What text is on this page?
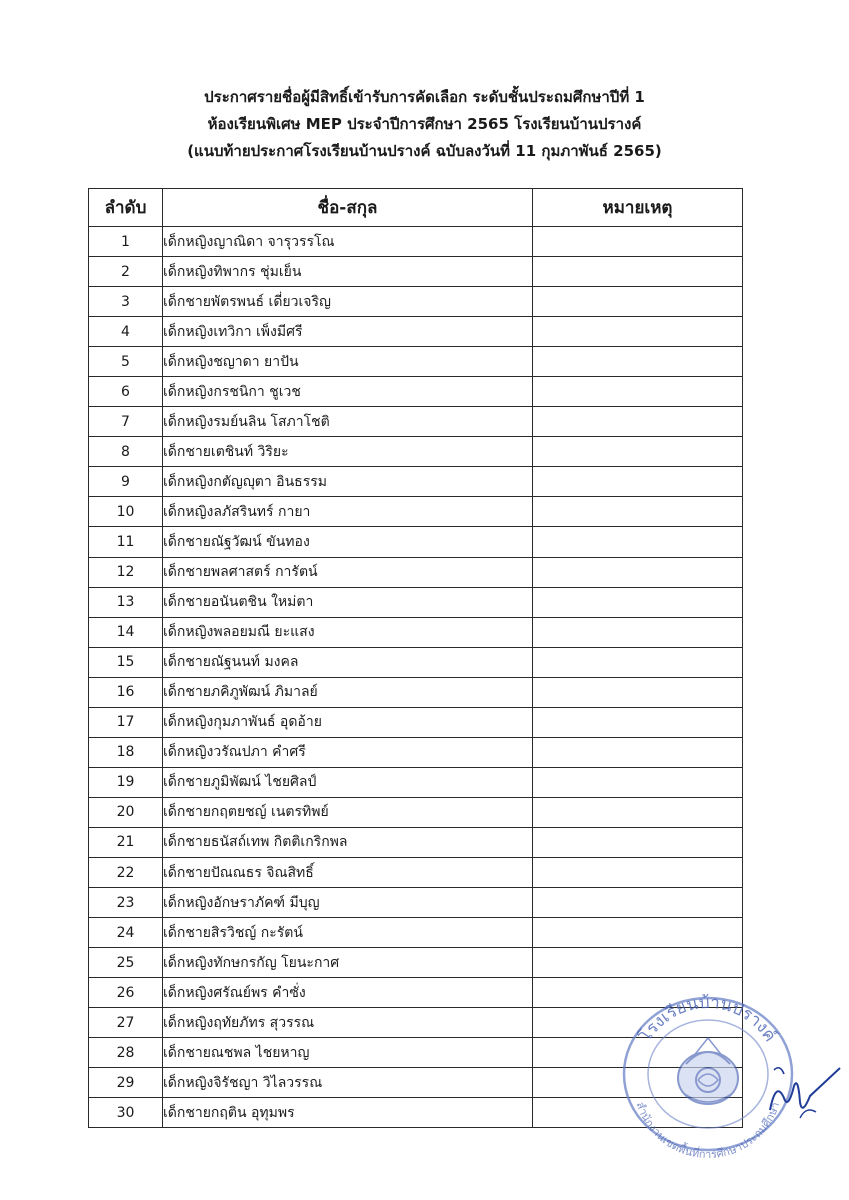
ประกาศรายชื่อผู้มีสิทธิ์เข้ารับการคัดเลือก ระดับชั้นประถมศึกษาปีที่ 1
ห้องเรียนพิเศษ MEP ประจำปีการศึกษา 2565 โรงเรียนบ้านปรางค์
(แนบท้ายประกาศโรงเรียนบ้านปรางค์ ฉบับลงวันที่ 11 กุมภาพันธ์ 2565)
ลำดับ	ชื่อ-สกุล	หมายเหตุ
1	เด็กหญิงญาณิดา จารุวรรโณ	
2	เด็กหญิงทิพากร ชุ่มเย็น	
3	เด็กชายพัตรพนธ์ เดี่ยวเจริญ	
4	เด็กหญิงเทวิกา เพ็งมีศรี	
5	เด็กหญิงชญาดา ยาปัน	
6	เด็กหญิงกรชนิกา ชูเวช	
7	เด็กหญิงรมย์นลิน โสภาโชติ	
8	เด็กชายเตชินท์ วิริยะ	
9	เด็กหญิงกตัญญุตา อินธรรม	
10	เด็กหญิงลภัสรินทร์ กายา	
11	เด็กชายณัฐวัฒน์ ขันทอง	
12	เด็กชายพลศาสตร์ การัตน์	
13	เด็กชายอนันตชิน ใหม่ตา	
14	เด็กหญิงพลอยมณี ยะแสง	
15	เด็กชายณัฐนนท์ มงคล	
16	เด็กชายภคิภูพัฒน์ ภิมาลย์	
17	เด็กหญิงกุมภาพันธ์ อุดอ้าย	
18	เด็กหญิงวรัณปภา คำศรี	
19	เด็กชายภูมิพัฒน์ ไชยศิลป์	
20	เด็กชายกฤตยชญ์ เนตรทิพย์	
21	เด็กชายธนัสถ์เทพ กิตติเกริกพล	
22	เด็กชายปัณณธร จิณสิทธิ์	
23	เด็กหญิงอักษราภัคฑ์ มีบุญ	
24	เด็กชายสิรวิชญ์ กะรัตน์	
25	เด็กหญิงทักษกรกัญ โยนะกาศ	
26	เด็กหญิงศรัณย์พร คำซั่ง	
27	เด็กหญิงฤทัยภัทร สุวรรณ	
28	เด็กชายณชพล ไชยหาญ	
29	เด็กหญิงจิรัชญา วิไลวรรณ	
30	เด็กชายกฤติน อุทุมพร	
โรงเรียนบ้านปรางค์
สำนักงานเขตพื้นที่การศึกษาประถมศึกษา
